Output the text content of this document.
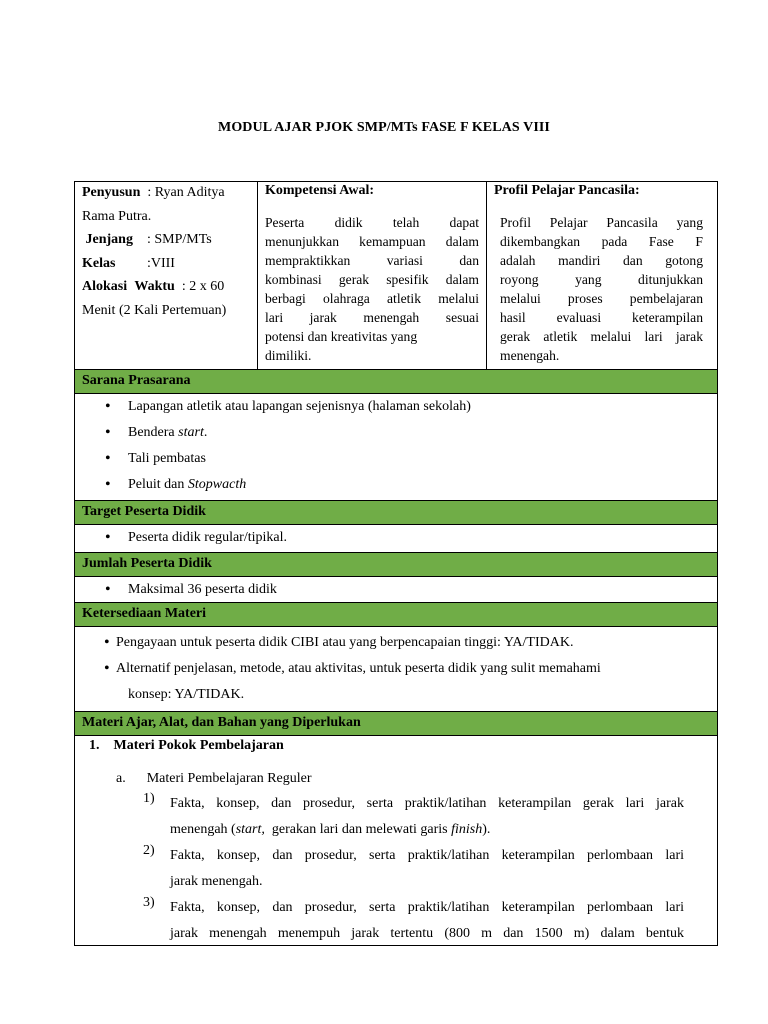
MODUL AJAR PJOK SMP/MTs FASE F KELAS VIII
Penyusun : Ryan Aditya
Rama Putra.
Jenjang : SMP/MTs
Kelas :VIII
Alokasi Waktu : 2 x 60
Menit (2 Kali Pertemuan)
Kompetensi Awal:
Peserta didik telah dapat
menunjukkan kemampuan dalam
mempraktikkan variasi dan
kombinasi gerak spesifik dalam
berbagi olahraga atletik melalui
lari jarak menengah sesuai
potensi dan kreativitas yang
dimiliki.
Profil Pelajar Pancasila:
Profil Pelajar Pancasila yang
dikembangkan pada Fase F
adalah mandiri dan gotong
royong yang ditunjukkan
melalui proses pembelajaran
hasil evaluasi keterampilan
gerak atletik melalui lari jarak
menengah.
Sarana Prasarana
• Lapangan atletik atau lapangan sejenisnya (halaman sekolah)
• Bendera start.
• Tali pembatas
• Peluit dan Stopwacth
Target Peserta Didik
• Peserta didik regular/tipikal.
Jumlah Peserta Didik
• Maksimal 36 peserta didik
Ketersediaan Materi
• Pengayaan untuk peserta didik CIBI atau yang berpencapaian tinggi: YA/TIDAK.
• Alternatif penjelasan, metode, atau aktivitas, untuk peserta didik yang sulit memahami
konsep: YA/TIDAK.
Materi Ajar, Alat, dan Bahan yang Diperlukan
1. Materi Pokok Pembelajaran
a. Materi Pembelajaran Reguler
1) Fakta, konsep, dan prosedur, serta praktik/latihan keterampilan gerak lari jarak
menengah (start,  gerakan lari dan melewati garis finish).
2) Fakta, konsep, dan prosedur, serta praktik/latihan keterampilan perlombaan lari
jarak menengah.
3) Fakta, konsep, dan prosedur, serta praktik/latihan keterampilan perlombaan lari
jarak menengah menempuh jarak tertentu (800 m dan 1500 m) dalam bentuk
